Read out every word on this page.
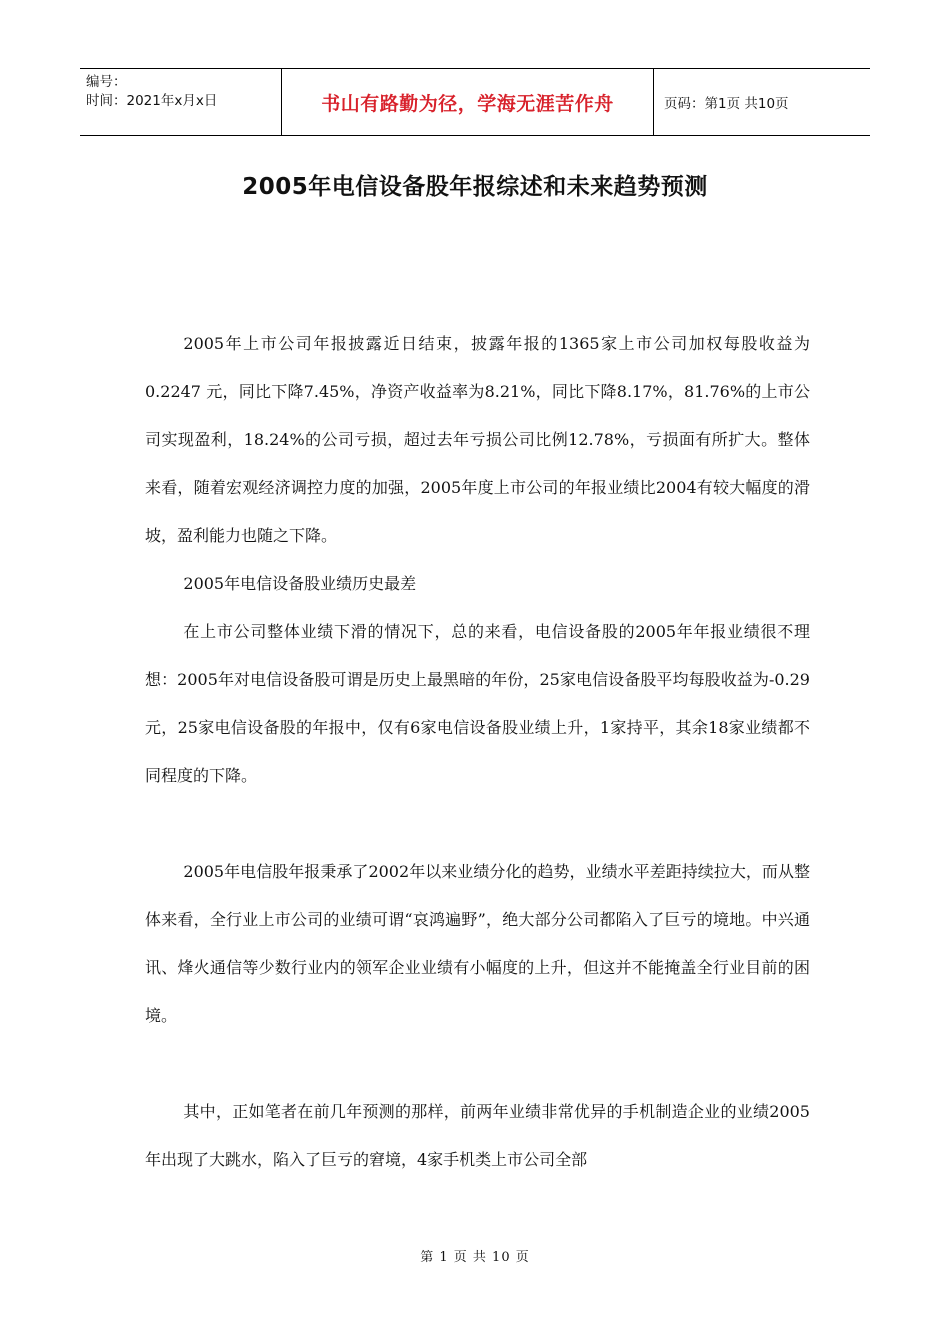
编号：
时间：2021年x月x日	书山有路勤为径，学海无涯苦作舟	页码：第1页 共10页
2005年电信设备股年报综述和未来趋势预测

2005年上市公司年报披露近日结束，披露年报的1365家上市公司加权每股收益为0.2247 元，同比下降7.45%，净资产收益率为8.21%，同比下降8.17%，81.76%的上市公司实现盈利，18.24%的公司亏损，超过去年亏损公司比例12.78%，亏损面有所扩大。整体来看，随着宏观经济调控力度的加强，2005年度上市公司的年报业绩比2004有较大幅度的滑坡，盈利能力也随之下降。

2005年电信设备股业绩历史最差

在上市公司整体业绩下滑的情况下，总的来看，电信设备股的2005年年报业绩很不理想：2005年对电信设备股可谓是历史上最黑暗的年份，25家电信设备股平均每股收益为-0.29元，25家电信设备股的年报中，仅有6家电信设备股业绩上升，1家持平，其余18家业绩都不同程度的下降。

2005年电信股年报秉承了2002年以来业绩分化的趋势，业绩水平差距持续拉大，而从整体来看，全行业上市公司的业绩可谓“哀鸿遍野”，绝大部分公司都陷入了巨亏的境地。中兴通讯、烽火通信等少数行业内的领军企业业绩有小幅度的上升，但这并不能掩盖全行业目前的困境。

其中，正如笔者在前几年预测的那样，前两年业绩非常优异的手机制造企业的业绩2005年出现了大跳水，陷入了巨亏的窘境，4家手机类上市公司全部

第 1 页 共 10 页
